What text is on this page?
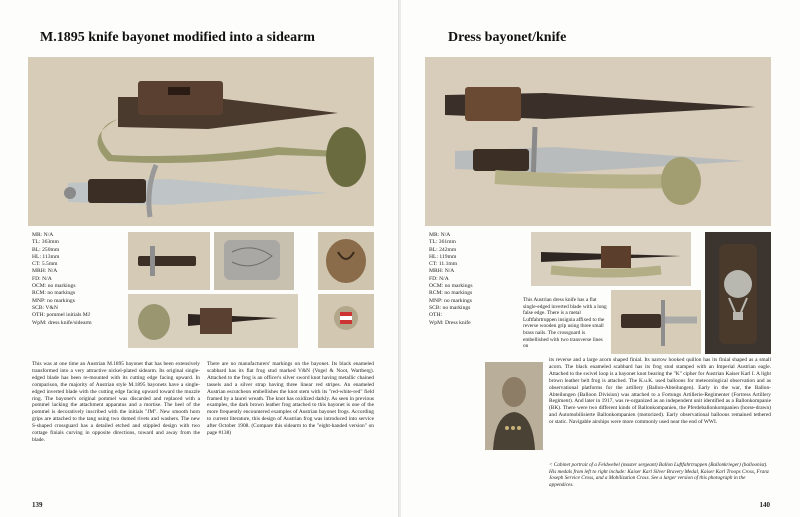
M.1895 knife bayonet modified into a sidearm
MR: N/A
TL: 363mm
BL: 250mm
HL: 113mm
CT: 5.5mm
MRH: N/A
FD: N/A
OCM: no markings
RCM: no markings
MNP: no markings
SCB: V&N
OTH: pommel initials MJ
WpM: dress knife/sidearm
This was at one time an Austrian M.1895 bayonet that has been extensively transformed into a very attractive nickel-plated sidearm. Its original single-edged blade has been re-mounted with its cutting edge facing upward. In comparison, the majority of Austrian style M.1895 bayonets have a single-edged inverted blade with the cutting edge facing upward toward the muzzle ring. The bayonet's original pommel was discarded and replaced with a pommel lacking the attachment apparatus and a mortise. The heel of the pommel is decoratively inscribed with the initials "JM". New smooth horn grips are attached to the tang using two domed rivets and washers. The new S-shaped crossguard has a detailed etched and stippled design with two cottage finials curving in opposite directions, toward and away from the blade.
There are no manufacturers' markings on the bayonet. Its black enameled scabbard has its flat frog stud marked V&N (Vogel & Noot, Wartberg). Attached to the frog is an officer's silver sword knot having metallic chained tassels and a silver strap having three linear red stripes. An enameled Austrian escutcheon embellishes the knot stem with its "red-white-red" field framed by a laurel wreath. The knot has oxidized darkly. As seen in previous examples, the dark brown leather frog attached to this bayonet is one of the more frequently encountered examples of Austrian bayonet frogs. According to current literature, this design of Austrian frog was introduced into service after October 1908. (Compare this sidearm to the "eight-handed version" on page #138)
139
Dress bayonet/knife
MR: N/A
TL: 361mm
BL: 242mm
HL: 119mm
CT: 11.1mm
MRH: N/A
FD: N/A
OCM: no markings
RCM: no markings
MNP: no markings
SCB: no markings
OTH:
WpM: Dress knife
This Austrian dress knife has a flat single-edged inverted blade with a long false edge. There is a metal Luftfahrtruppen insignia affixed to the reverse wooden grip using three small brass nails. The crossguard is embellished with two transverse lines on
its reverse and a large acorn shaped finial. Its narrow hooked quillon has its finial shaped as a small acorn. The black enameled scabbard has its frog stud stamped with an Imperial Austrian eagle. Attached to the swivel loop is a bayonet knot bearing the "K" cipher for Austrian Kaiser Karl I. A light brown leather belt frog is attached. The K.u.K. used balloons for meteorological observation and as observational platforms for the artillery (Ballon-Abteilungen). Early in the war, the Ballon-Abteilungen (Balloon Division) was attached to a Fortungs Artillerie-Regimenter (Fortress Artillery Regiment). And later in 1917, was re-organized as an independent unit identified as a Ballonkompanie (BK). There were two different kinds of Ballonkompanien, the Pferdeballonkompanien (horse-drawn) and Automobilisierte Ballonkompanien (motorized). Early observational balloons remained tethered or static. Navigable airships were more commonly used near the end of WWI.
< Cabinet portrait of a Feldwebel (master sergeant) Ballon Luftfahrtruppen (Ballonkrieger) (balloonist). His medals from left to right include: Kaiser Karl Silver Bravery Medal, Kaiser Karl Troops Cross, Franz Joseph Service Cross, and a Mobilization Cross. See a larger version of this photograph in the appendices.
140
